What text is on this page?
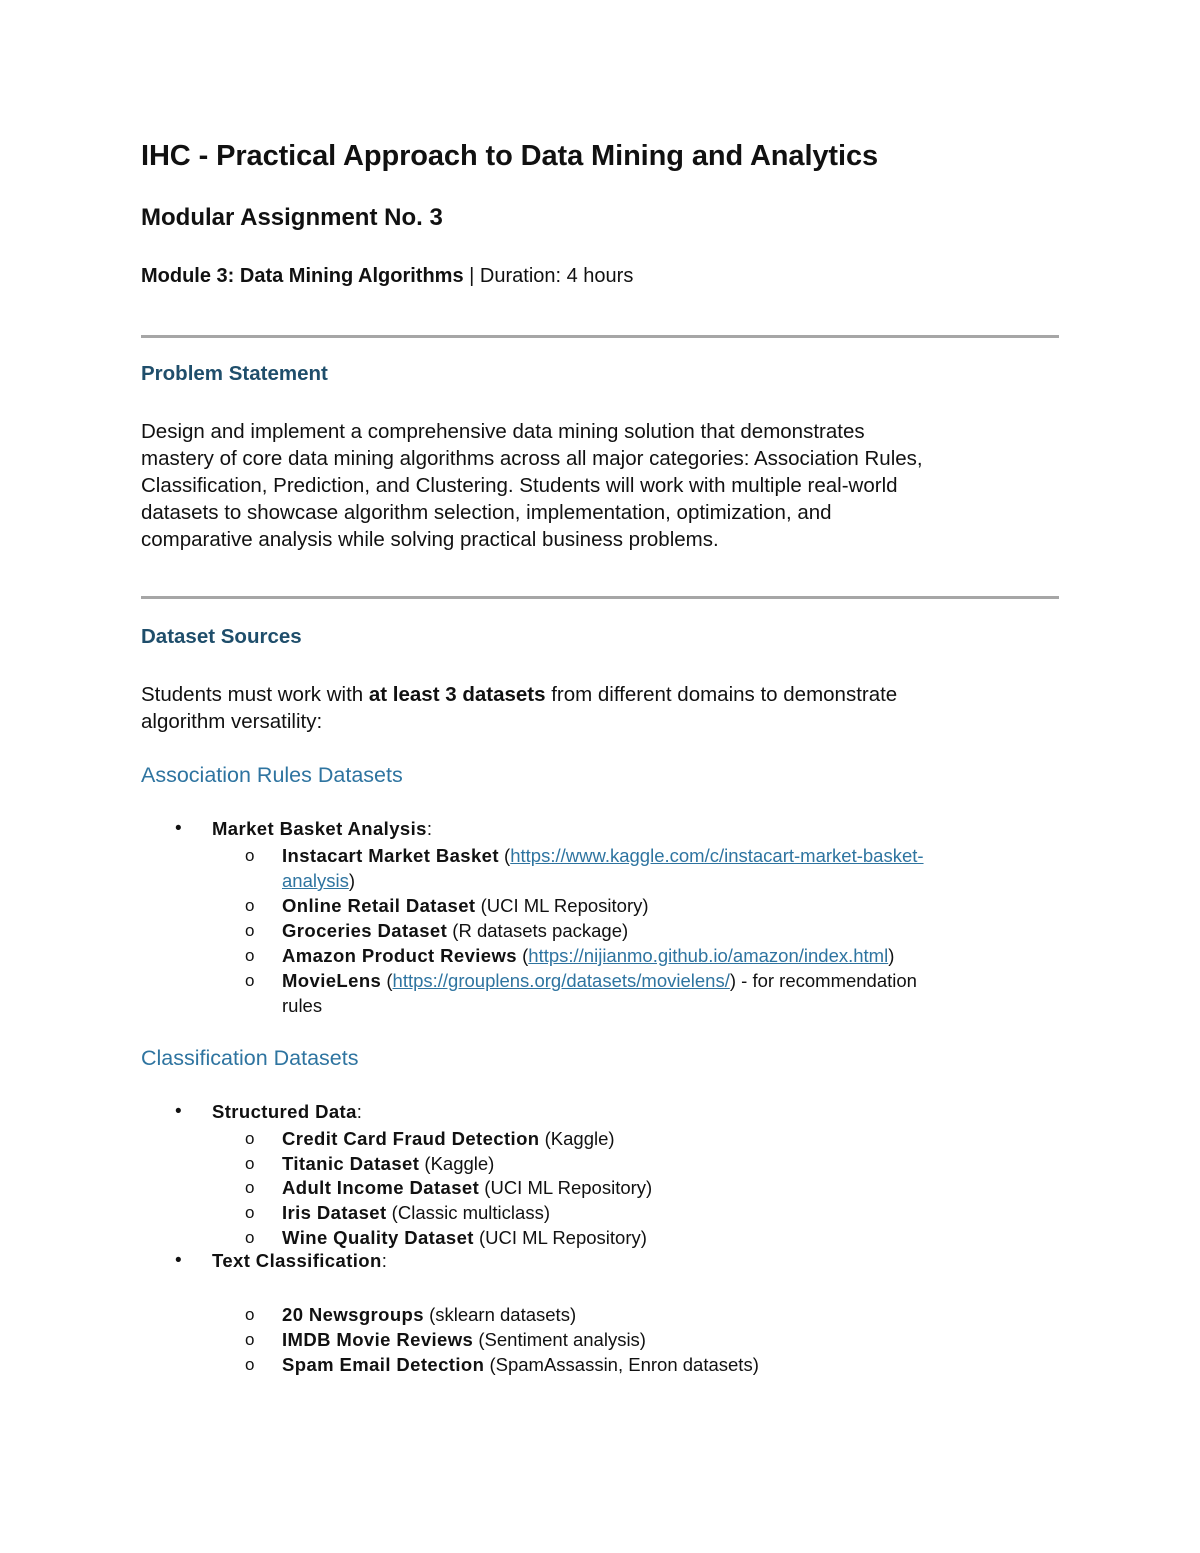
IHC - Practical Approach to Data Mining and Analytics
Modular Assignment No. 3
Module 3: Data Mining Algorithms | Duration: 4 hours
Problem Statement
Design and implement a comprehensive data mining solution that demonstrates
mastery of core data mining algorithms across all major categories: Association Rules,
Classification, Prediction, and Clustering. Students will work with multiple real-world
datasets to showcase algorithm selection, implementation, optimization, and
comparative analysis while solving practical business problems.
Dataset Sources
Students must work with at least 3 datasets from different domains to demonstrate
algorithm versatility:
Association Rules Datasets
• Market Basket Analysis:
o Instacart Market Basket (https://www.kaggle.com/c/instacart-market-basket-
analysis)
o Online Retail Dataset (UCI ML Repository)
o Groceries Dataset (R datasets package)
o Amazon Product Reviews (https://nijianmo.github.io/amazon/index.html)
o MovieLens (https://grouplens.org/datasets/movielens/) - for recommendation
rules
Classification Datasets
• Structured Data:
o Credit Card Fraud Detection (Kaggle)
o Titanic Dataset (Kaggle)
o Adult Income Dataset (UCI ML Repository)
o Iris Dataset (Classic multiclass)
o Wine Quality Dataset (UCI ML Repository)
• Text Classification:
o 20 Newsgroups (sklearn datasets)
o IMDB Movie Reviews (Sentiment analysis)
o Spam Email Detection (SpamAssassin, Enron datasets)
